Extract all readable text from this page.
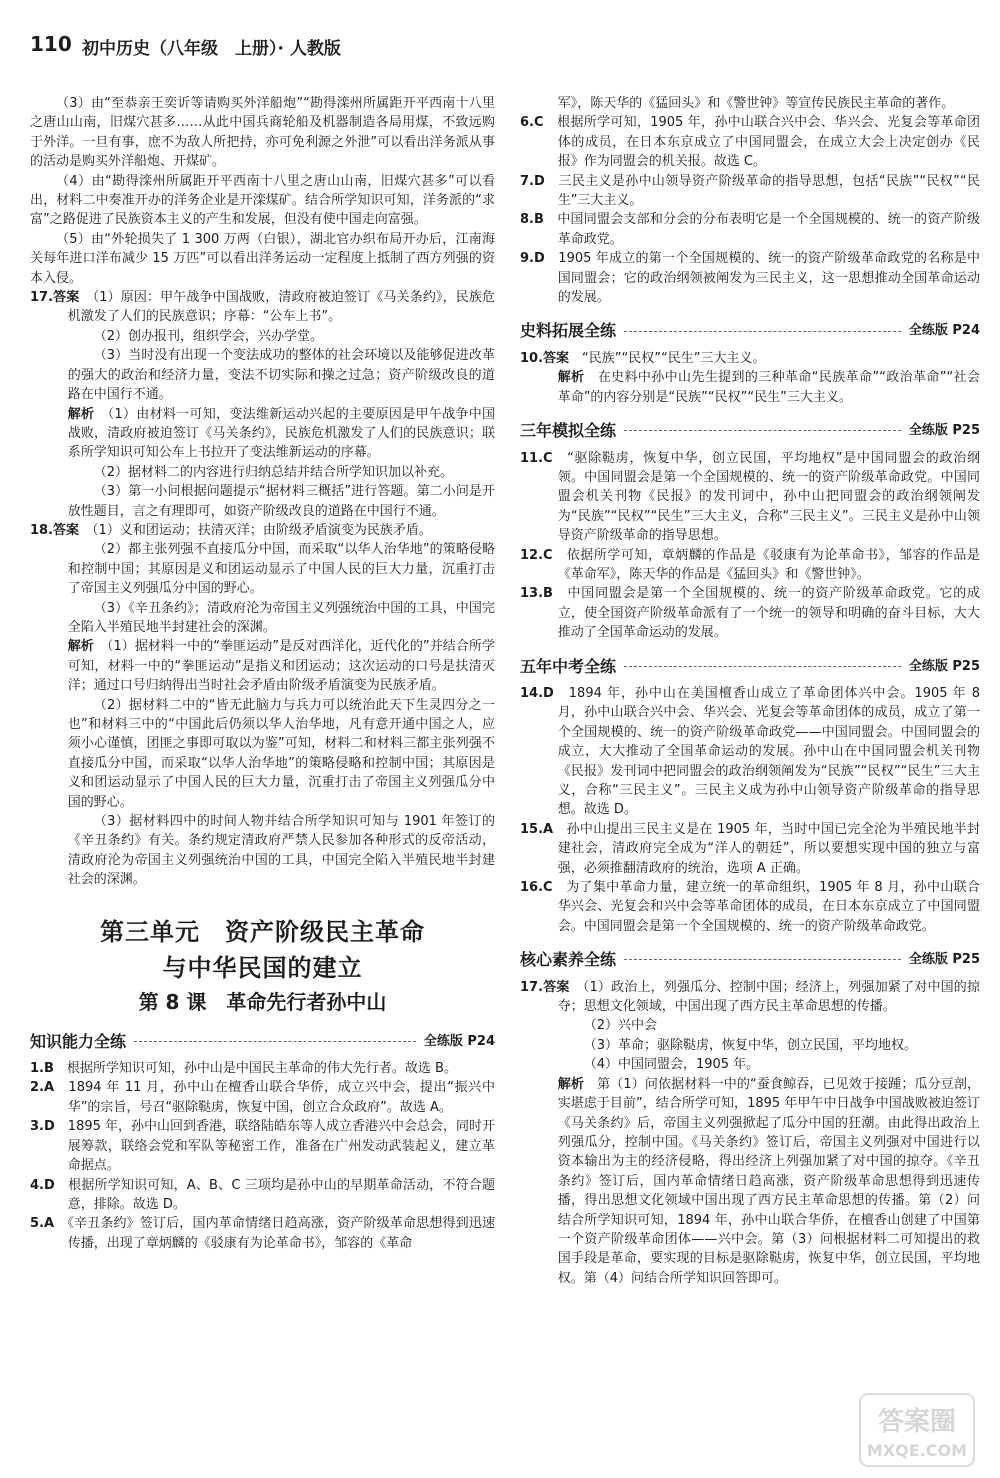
110 初中历史（八年级　上册）· 人教版

（3）由“至恭亲王奕䜣等请购买外洋船炮”“勘得滦州所属距开平西南十八里之唐山山南，旧煤穴甚多……从此中国兵商轮船及机器制造各局用煤，不致远购于外洋。一旦有事，庶不为敌人所把持，亦可免利源之外泄”可以看出洋务派从事的活动是购买外洋船炮、开煤矿。

（4）由“勘得滦州所属距开平西南十八里之唐山山南，旧煤穴甚多”可以看出，材料二中奏准开办的洋务企业是开滦煤矿。结合所学知识可知，洋务派的“求富”之路促进了民族资本主义的产生和发展，但没有使中国走向富强。

（5）由“外轮损失了 1 300 万两（白银），湖北官办织布局开办后，江南海关每年进口洋布减少 15 万匹”可以看出洋务运动一定程度上抵制了西方列强的资本入侵。

17.答案　 （1）原因：甲午战争中国战败，清政府被迫签订《马关条约》，民族危机激发了人们的民族意识；序幕：“公车上书”。

（2）创办报刊，组织学会，兴办学堂。

（3）当时没有出现一个变法成功的整体的社会环境以及能够促进改革的强大的政治和经济力量，变法不切实际和操之过急；资产阶级改良的道路在中国行不通。

解析　 （1）由材料一可知，变法维新运动兴起的主要原因是甲午战争中国战败，清政府被迫签订《马关条约》，民族危机激发了人们的民族意识；联系所学知识可知公车上书拉开了变法维新运动的序幕。

（2）据材料二的内容进行归纳总结并结合所学知识加以补充。

（3）第一小问根据问题提示“据材料三概括”进行答题。第二小问是开放性题目，言之有理即可，如资产阶级改良的道路在中国行不通。

18.答案　 （1）义和团运动；扶清灭洋；由阶级矛盾演变为民族矛盾。

（2）都主张列强不直接瓜分中国，而采取“以华人治华地”的策略侵略和控制中国；其原因是义和团运动显示了中国人民的巨大力量，沉重打击了帝国主义列强瓜分中国的野心。

（3）《辛丑条约》；清政府沦为帝国主义列强统治中国的工具，中国完全陷入半殖民地半封建社会的深渊。

解析　 （1）据材料一中的“拳匪运动”是反对西洋化，近代化的”并结合所学可知，材料一中的“拳匪运动”是指义和团运动；这次运动的口号是扶清灭洋；通过口号归纳得出当时社会矛盾由阶级矛盾演变为民族矛盾。

（2）据材料二中的“皆无此脑力与兵力可以统治此天下生灵四分之一也”和材料三中的“中国此后仍须以华人治华地，凡有意开通中国之人，应须小心谨慎，团匪之事即可取以为鉴”可知，材料二和材料三都主张列强不直接瓜分中国，而采取“以华人治华地”的策略侵略和控制中国；其原因是义和团运动显示了中国人民的巨大力量，沉重打击了帝国主义列强瓜分中国的野心。

（3）据材料四中的时间人物并结合所学知识可知与 1901 年签订的《辛丑条约》有关。条约规定清政府严禁人民参加各种形式的反帝活动，清政府沦为帝国主义列强统治中国的工具，中国完全陷入半殖民地半封建社会的深渊。

第三单元　资产阶级民主革命
与中华民国的建立
第 8 课　革命先行者孙中山
知识能力全练	全练版 P24

1.B　 根据所学知识可知，孙中山是中国民主革命的伟大先行者。故选 B。

2.A　 1894 年 11 月，孙中山在檀香山联合华侨，成立兴中会，提出“振兴中华”的宗旨，号召“驱除鞑虏，恢复中国，创立合众政府”。故选 A。

3.D　 1895 年，孙中山回到香港，联络陆皓东等人成立香港兴中会总会，同时开展筹款，联络会党和军队等秘密工作，准备在广州发动武装起义，建立革命据点。

4.D　 根据所学知识可知，A、B、C 三项均是孙中山的早期革命活动，不符合题意，排除。故选 D。

5.A　 《辛丑条约》签订后，国内革命情绪日趋高涨，资产阶级革命思想得到迅速传播，出现了章炳麟的《驳康有为论革命书》，邹容的《革命

军》，陈天华的《猛回头》和《警世钟》等宣传民族民主革命的著作。

6.C　 根据所学可知，1905 年，孙中山联合兴中会、华兴会、光复会等革命团体的成员，在日本东京成立了中国同盟会，在成立大会上决定创办《民报》作为同盟会的机关报。故选 C。

7.D　 三民主义是孙中山领导资产阶级革命的指导思想，包括“民族”“民权”“民生”三大主义。

8.B　 中国同盟会支部和分会的分布表明它是一个全国规模的、统一的资产阶级革命政党。

9.D　 1905 年成立的第一个全国规模的、统一的资产阶级革命政党的名称是中国同盟会；它的政治纲领被阐发为三民主义，这一思想推动全国革命运动的发展。

史料拓展全练	全练版 P24

10.答案　 “民族”“民权”“民生”三大主义。

解析　 在史料中孙中山先生提到的三种革命“民族革命”“政治革命”“社会革命”的内容分别是“民族”“民权”“民生”三大主义。

三年模拟全练	全练版 P25

11.C　 “驱除鞑虏，恢复中华，创立民国，平均地权”是中国同盟会的政治纲领。中国同盟会是第一个全国规模的、统一的资产阶级革命政党。中国同盟会机关刊物《民报》的发刊词中，孙中山把同盟会的政治纲领阐发为“民族”“民权”“民生”三大主义，合称“三民主义”。三民主义是孙中山领导资产阶级革命的指导思想。

12.C　 依据所学可知，章炳麟的作品是《驳康有为论革命书》，邹容的作品是《革命军》，陈天华的作品是《猛回头》和《警世钟》。

13.B　 中国同盟会是第一个全国规模的、统一的资产阶级革命政党。它的成立，使全国资产阶级革命派有了一个统一的领导和明确的奋斗目标，大大推动了全国革命运动的发展。

五年中考全练	全练版 P25

14.D　 1894 年，孙中山在美国檀香山成立了革命团体兴中会。1905 年 8 月，孙中山联合兴中会、华兴会、光复会等革命团体的成员，成立了第一个全国规模的、统一的资产阶级革命政党——中国同盟会。中国同盟会的成立，大大推动了全国革命运动的发展。孙中山在中国同盟会机关刊物《民报》发刊词中把同盟会的政治纲领阐发为“民族”“民权”“民生”三大主义，合称“三民主义”。三民主义成为孙中山领导资产阶级革命的指导思想。故选 D。

15.A　 孙中山提出三民主义是在 1905 年，当时中国已完全沦为半殖民地半封建社会，清政府完全成为“洋人的朝廷”，所以要想实现中国的独立与富强，必须推翻清政府的统治，选项 A 正确。

16.C　 为了集中革命力量，建立统一的革命组织，1905 年 8 月，孙中山联合华兴会、光复会和兴中会等革命团体的成员，在日本东京成立了中国同盟会。中国同盟会是第一个全国规模的、统一的资产阶级革命政党。

核心素养全练	全练版 P25

17.答案　 （1）政治上，列强瓜分、控制中国；经济上，列强加紧了对中国的掠夺；思想文化领域，中国出现了西方民主革命思想的传播。

（2）兴中会

（3）革命；驱除鞑虏，恢复中华，创立民国，平均地权。

（4）中国同盟会，1905 年。

解析　 第（1）问依据材料一中的“蚕食鲸吞，已见效于接踵；瓜分豆剖，实堪虑于目前”，结合所学可知，1895 年甲午中日战争中国战败被迫签订《马关条约》后，帝国主义列强掀起了瓜分中国的狂潮。由此得出政治上列强瓜分，控制中国。《马关条约》签订后，帝国主义列强对中国进行以资本输出为主的经济侵略，得出经济上列强加紧了对中国的掠夺。《辛丑条约》签订后，国内革命情绪日趋高涨，资产阶级革命思想得到迅速传播，得出思想文化领域中国出现了西方民主革命思想的传播。第（2）问结合所学知识可知，1894 年，孙中山联合华侨，在檀香山创建了中国第一个资产阶级革命团体——兴中会。第（3）问根据材料二可知提出的救国手段是革命，要实现的目标是驱除鞑虏，恢复中华，创立民国，平均地权。第（4）问结合所学知识回答即可。

答案圈
MXQE.COM
